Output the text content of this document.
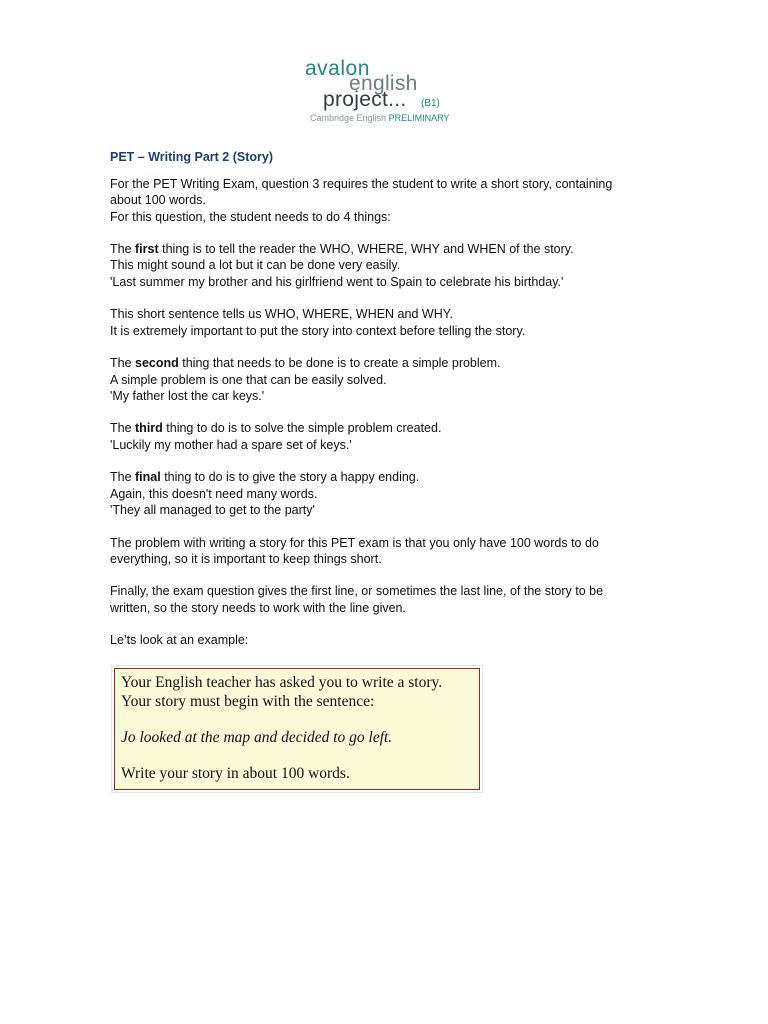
avalon
english
project... (B1)
Cambridge English PRELIMINARY
PET – Writing Part 2 (Story)

For the PET Writing Exam, question 3 requires the student to write a short story, containing
about 100 words.
For this question, the student needs to do 4 things:

The first thing is to tell the reader the WHO, WHERE, WHY and WHEN of the story.
This might sound a lot but it can be done very easily.
'Last summer my brother and his girlfriend went to Spain to celebrate his birthday.'

This short sentence tells us WHO, WHERE, WHEN and WHY.
It is extremely important to put the story into context before telling the story.

The second thing that needs to be done is to create a simple problem.
A simple problem is one that can be easily solved.
'My father lost the car keys.'

The third thing to do is to solve the simple problem created.
'Luckily my mother had a spare set of keys.'

The final thing to do is to give the story a happy ending.
Again, this doesn't need many words.
'They all managed to get to the party'

The problem with writing a story for this PET exam is that you only have 100 words to do
everything, so it is important to keep things short.

Finally, the exam question gives the first line, or sometimes the last line, of the story to be
written, so the story needs to work with the line given.

Le’ts look at an example:

Your English teacher has asked you to write a story.
Your story must begin with the sentence:
Jo looked at the map and decided to go left.
Write your story in about 100 words.
